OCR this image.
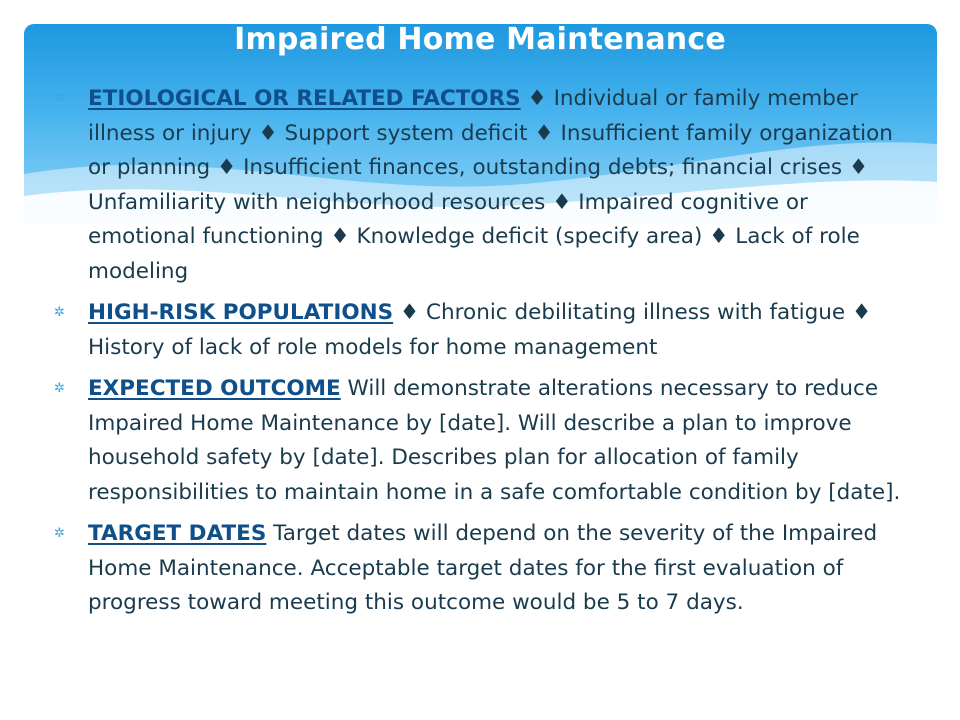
Impaired Home Maintenance
✲ ETIOLOGICAL OR RELATED FACTORS ♦ Individual or family member illness or injury ♦ Support system deficit ♦ Insufficient family organization or planning ♦ Insufficient finances, outstanding debts; financial crises ♦ Unfamiliarity with neighborhood resources ♦ Impaired cognitive or emotional functioning ♦ Knowledge deficit (specify area) ♦ Lack of role modeling
✲ HIGH-RISK POPULATIONS ♦ Chronic debilitating illness with fatigue ♦ History of lack of role models for home management
✲ EXPECTED OUTCOME Will demonstrate alterations necessary to reduce Impaired Home Maintenance by [date]. Will describe a plan to improve household safety by [date]. Describes plan for allocation of family responsibilities to maintain home in a safe comfortable condition by [date].
✲ TARGET DATES Target dates will depend on the severity of the Impaired Home Maintenance. Acceptable target dates for the first evaluation of progress toward meeting this outcome would be 5 to 7 days.
